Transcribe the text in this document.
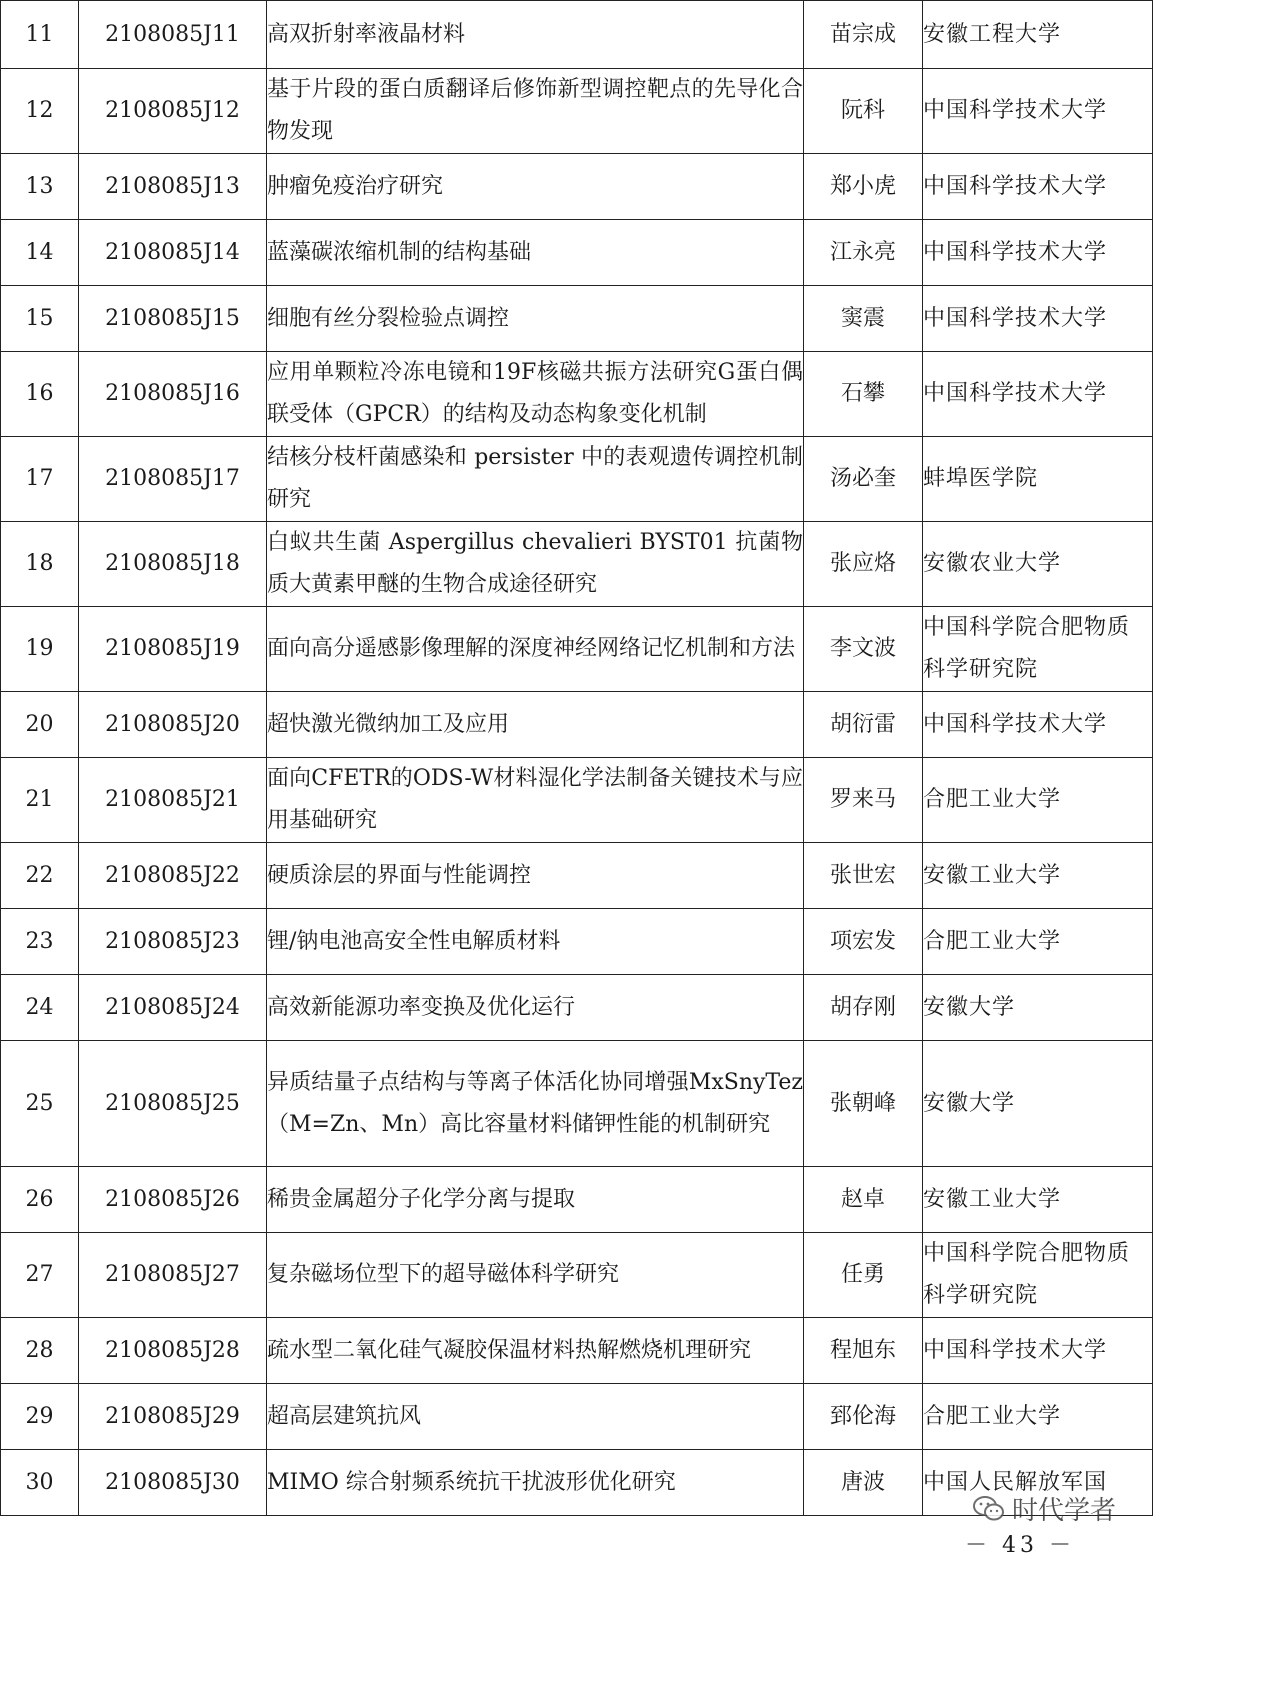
11	2108085J11	高双折射率液晶材料	苗宗成	安徽工程大学
12	2108085J12	基于片段的蛋白质翻译后修饰新型调控靶点的先导化合物发现	阮科	中国科学技术大学
13	2108085J13	肿瘤免疫治疗研究	郑小虎	中国科学技术大学
14	2108085J14	蓝藻碳浓缩机制的结构基础	江永亮	中国科学技术大学
15	2108085J15	细胞有丝分裂检验点调控	窦震	中国科学技术大学
16	2108085J16	应用单颗粒冷冻电镜和19F核磁共振方法研究G蛋白偶联受体（GPCR）的结构及动态构象变化机制	石攀	中国科学技术大学
17	2108085J17	结核分枝杆菌感染和 persister 中的表观遗传调控机制研究	汤必奎	蚌埠医学院
18	2108085J18	白蚁共生菌 Aspergillus chevalieri BYST01 抗菌物质大黄素甲醚的生物合成途径研究	张应烙	安徽农业大学
19	2108085J19	面向高分遥感影像理解的深度神经网络记忆机制和方法	李文波	中国科学院合肥物质科学研究院
20	2108085J20	超快激光微纳加工及应用	胡衍雷	中国科学技术大学
21	2108085J21	面向CFETR的ODS-W材料湿化学法制备关键技术与应用基础研究	罗来马	合肥工业大学
22	2108085J22	硬质涂层的界面与性能调控	张世宏	安徽工业大学
23	2108085J23	锂/钠电池高安全性电解质材料	项宏发	合肥工业大学
24	2108085J24	高效新能源功率变换及优化运行	胡存刚	安徽大学
25	2108085J25	异质结量子点结构与等离子体活化协同增强MxSnyTez（M=Zn、Mn）高比容量材料储钾性能的机制研究	张朝峰	安徽大学
26	2108085J26	稀贵金属超分子化学分离与提取	赵卓	安徽工业大学
27	2108085J27	复杂磁场位型下的超导磁体科学研究	任勇	中国科学院合肥物质科学研究院
28	2108085J28	疏水型二氧化硅气凝胶保温材料热解燃烧机理研究	程旭东	中国科学技术大学
29	2108085J29	超高层建筑抗风	郅伦海	合肥工业大学
30	2108085J30	MIMO 综合射频系统抗干扰波形优化研究	唐波	中国人民解放军国
时代学者
－ 43 －
